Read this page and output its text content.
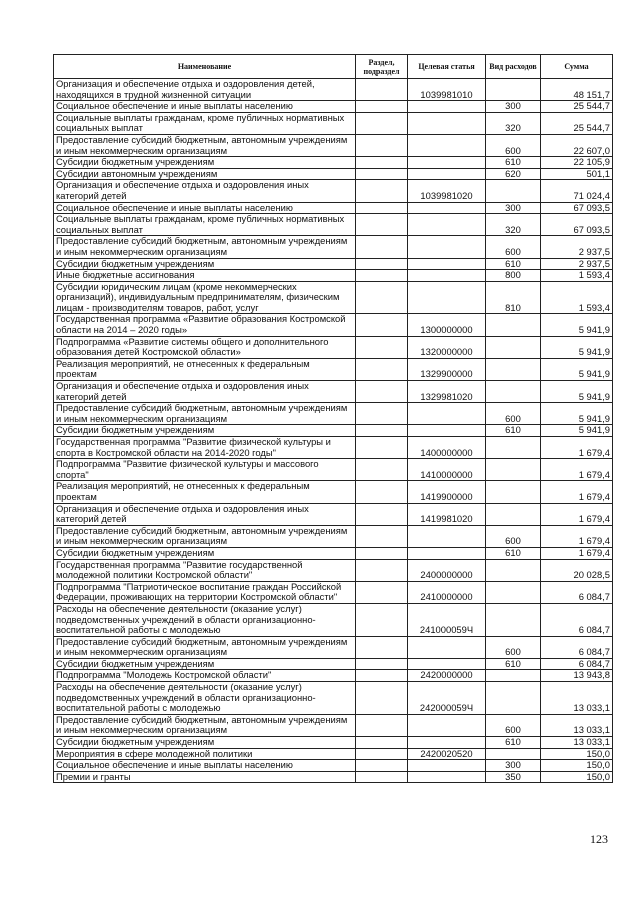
Наименование	Раздел, подраздел	Целевая статья	Вид расходов	Сумма
Организация и обеспечение отдыха и оздоровления детей, находящихся в трудной жизненной ситуации		1039981010		48 151,7
Социальное обеспечение и иные выплаты населению			300	25 544,7
Социальные выплаты гражданам, кроме публичных нормативных социальных выплат			320	25 544,7
Предоставление субсидий бюджетным, автономным учреждениям и иным некоммерческим организациям			600	22 607,0
Субсидии бюджетным учреждениям			610	22 105,9
Субсидии автономным учреждениям			620	501,1
Организация и обеспечение отдыха и оздоровления иных категорий детей		1039981020		71 024,4
Социальное обеспечение и иные выплаты населению			300	67 093,5
Социальные выплаты гражданам, кроме публичных нормативных социальных выплат			320	67 093,5
Предоставление субсидий бюджетным, автономным учреждениям и иным некоммерческим организациям			600	2 937,5
Субсидии бюджетным учреждениям			610	2 937,5
Иные бюджетные ассигнования			800	1 593,4
Субсидии юридическим лицам (кроме некоммерческих организаций), индивидуальным предпринимателям, физическим лицам - производителям товаров, работ, услуг			810	1 593,4
Государственная программа «Развитие образования Костромской области на 2014 – 2020 годы»		1300000000		5 941,9
Подпрограмма «Развитие системы общего и дополнительного образования детей Костромской области»		1320000000		5 941,9
Реализация мероприятий, не отнесенных к федеральным проектам		1329900000		5 941,9
Организация и обеспечение отдыха и оздоровления иных категорий детей		1329981020		5 941,9
Предоставление субсидий бюджетным, автономным учреждениям и иным некоммерческим организациям			600	5 941,9
Субсидии бюджетным учреждениям			610	5 941,9
Государственная программа "Развитие физической культуры и спорта в Костромской области на 2014-2020 годы"		1400000000		1 679,4
Подпрограмма "Развитие физической культуры и массового спорта"		1410000000		1 679,4
Реализация мероприятий, не отнесенных к федеральным проектам		1419900000		1 679,4
Организация и обеспечение отдыха и оздоровления иных категорий детей		1419981020		1 679,4
Предоставление субсидий бюджетным, автономным учреждениям и иным некоммерческим организациям			600	1 679,4
Субсидии бюджетным учреждениям			610	1 679,4
Государственная программа "Развитие государственной молодежной политики Костромской области"		2400000000		20 028,5
Подпрограмма "Патриотическое воспитание граждан Российской Федерации, проживающих на территории Костромской области"		2410000000		6 084,7
Расходы на обеспечение деятельности (оказание услуг) подведомственных учреждений в области организационно-воспитательной работы с молодежью		241000059Ч		6 084,7
Предоставление субсидий бюджетным, автономным учреждениям и иным некоммерческим организациям			600	6 084,7
Субсидии бюджетным учреждениям			610	6 084,7
Подпрограмма "Молодежь Костромской области"		2420000000		13 943,8
Расходы на обеспечение деятельности (оказание услуг) подведомственных учреждений в области организационно-воспитательной работы с молодежью		242000059Ч		13 033,1
Предоставление субсидий бюджетным, автономным учреждениям и иным некоммерческим организациям			600	13 033,1
Субсидии бюджетным учреждениям			610	13 033,1
Мероприятия в сфере молодежной политики		2420020520		150,0
Социальное обеспечение и иные выплаты населению			300	150,0
Премии и гранты			350	150,0
123
